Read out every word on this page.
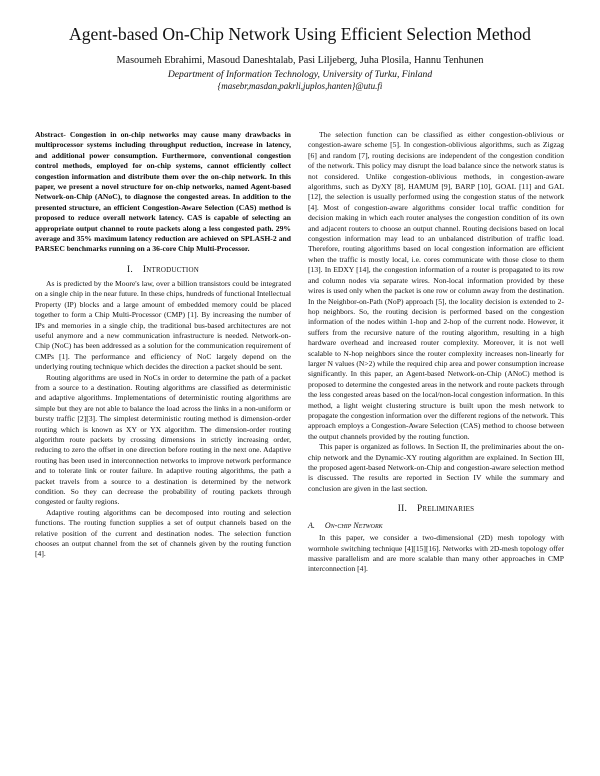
Agent-based On-Chip Network Using Efficient Selection Method
Masoumeh Ebrahimi, Masoud Daneshtalab, Pasi Liljeberg, Juha Plosila, Hannu Tenhunen
Department of Information Technology, University of Turku, Finland
{masebr,masdan,pakrli,juplos,hanten}@utu.fi

Abstract- Congestion in on-chip networks may cause many drawbacks in multiprocessor systems including throughput reduction, increase in latency, and additional power consumption. Furthermore, conventional congestion control methods, employed for on-chip systems, cannot efficiently collect congestion information and distribute them over the on-chip network. In this paper, we present a novel structure for on-chip networks, named Agent-based Network-on-Chip (ANoC), to diagnose the congested areas. In addition to the presented structure, an efficient Congestion-Aware Selection (CAS) method is proposed to reduce overall network latency. CAS is capable of selecting an appropriate output channel to route packets along a less congested path. 29% average and 35% maximum latency reduction are achieved on SPLASH-2 and PARSEC benchmarks running on a 36-core Chip Multi-Processor.

I. Introduction

As is predicted by the Moore's law, over a billion transistors could be integrated on a single chip in the near future. In these chips, hundreds of functional Intellectual Property (IP) blocks and a large amount of embedded memory could be placed together to form a Chip Multi-Processor (CMP) [1]. By increasing the number of IPs and memories in a single chip, the traditional bus-based architectures are not useful anymore and a new communication infrastructure is needed. Network-on-Chip (NoC) has been addressed as a solution for the communication requirement of CMPs [1]. The performance and efficiency of NoC largely depend on the underlying routing technique which decides the direction a packet should be sent.

Routing algorithms are used in NoCs in order to determine the path of a packet from a source to a destination. Routing algorithms are classified as deterministic and adaptive algorithms. Implementations of deterministic routing algorithms are simple but they are not able to balance the load across the links in a non-uniform or bursty traffic [2][3]. The simplest deterministic routing method is dimension-order routing which is known as XY or YX algorithm. The dimension-order routing algorithm route packets by crossing dimensions in strictly increasing order, reducing to zero the offset in one direction before routing in the next one. Adaptive routing has been used in interconnection networks to improve network performance and to tolerate link or router failure. In adaptive routing algorithms, the path a packet travels from a source to a destination is determined by the network condition. So they can decrease the probability of routing packets through congested or faulty regions.

Adaptive routing algorithms can be decomposed into routing and selection functions. The routing function supplies a set of output channels based on the relative position of the current and destination nodes. The selection function chooses an output channel from the set of channels given by the routing function [4].

The selection function can be classified as either congestion-oblivious or congestion-aware scheme [5]. In congestion-oblivious algorithms, such as Zigzag [6] and random [7], routing decisions are independent of the congestion condition of the network. This policy may disrupt the load balance since the network status is not considered. Unlike congestion-oblivious methods, in congestion-aware algorithms, such as DyXY [8], HAMUM [9], BARP [10], GOAL [11] and GAL [12], the selection is usually performed using the congestion status of the network [4]. Most of congestion-aware algorithms consider local traffic condition for decision making in which each router analyses the congestion condition of its own and adjacent routers to choose an output channel. Routing decisions based on local congestion information may lead to an unbalanced distribution of traffic load. Therefore, routing algorithms based on local congestion information are efficient when the traffic is mostly local, i.e. cores communicate with those close to them [13]. In EDXY [14], the congestion information of a router is propagated to its row and column nodes via separate wires. Non-local information provided by these wires is used only when the packet is one row or column away from the destination. In the Neighbor-on-Path (NoP) approach [5], the locality decision is extended to 2-hop neighbors. So, the routing decision is performed based on the congestion information of the nodes within 1-hop and 2-hop of the current node. However, it suffers from the recursive nature of the routing algorithm, resulting in a high hardware overhead and increased router complexity. Moreover, it is not well scalable to N-hop neighbors since the router complexity increases non-linearly for larger N values (N>2) while the required chip area and power consumption increase significantly. In this paper, an Agent-based Network-on-Chip (ANoC) method is proposed to determine the congested areas in the network and route packets through the less congested areas based on the local/non-local congestion information. In this method, a light weight clustering structure is built upon the mesh network to propagate the congestion information over the different regions of the network. This approach employs a Congestion-Aware Selection (CAS) method to choose between the output channels provided by the routing function.

This paper is organized as follows. In Section II, the preliminaries about the on-chip network and the Dynamic-XY routing algorithm are explained. In Section III, the proposed agent-based Network-on-Chip and congestion-aware selection method is discussed. The results are reported in Section IV while the summary and conclusion are given in the last section.

II. Preliminaries
A. On-chip Network

In this paper, we consider a two-dimensional (2D) mesh topology with wormhole switching technique [4][15][16]. Networks with 2D-mesh topology offer massive parallelism and are more scalable than many other approaches in CMP interconnection [4].
